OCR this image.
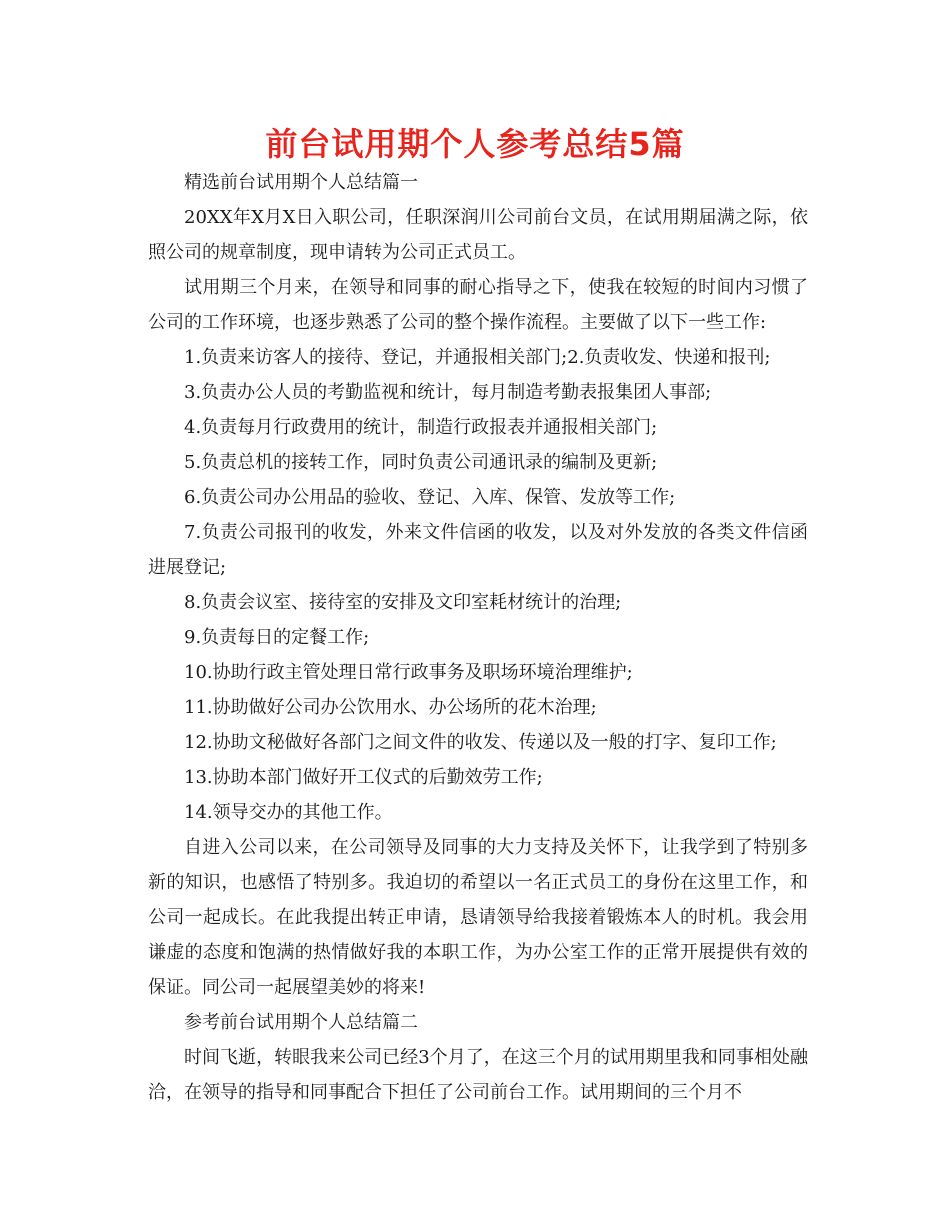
前台试用期个人参考总结5篇

精选前台试用期个人总结篇一

20XX年X月X日入职公司，任职深润川公司前台文员，在试用期届满之际，依照公司的规章制度，现申请转为公司正式员工。

试用期三个月来，在领导和同事的耐心指导之下，使我在较短的时间内习惯了公司的工作环境，也逐步熟悉了公司的整个操作流程。主要做了以下一些工作:

1.负责来访客人的接待、登记，并通报相关部门;2.负责收发、快递和报刊;

3.负责办公人员的考勤监视和统计，每月制造考勤表报集团人事部;

4.负责每月行政费用的统计，制造行政报表并通报相关部门;

5.负责总机的接转工作，同时负责公司通讯录的编制及更新;

6.负责公司办公用品的验收、登记、入库、保管、发放等工作;

7.负责公司报刊的收发，外来文件信函的收发，以及对外发放的各类文件信函进展登记;

8.负责会议室、接待室的安排及文印室耗材统计的治理;

9.负责每日的定餐工作;

10.协助行政主管处理日常行政事务及职场环境治理维护;

11.协助做好公司办公饮用水、办公场所的花木治理;

12.协助文秘做好各部门之间文件的收发、传递以及一般的打字、复印工作;

13.协助本部门做好开工仪式的后勤效劳工作;

14.领导交办的其他工作。

自进入公司以来，在公司领导及同事的大力支持及关怀下，让我学到了特别多新的知识，也感悟了特别多。我迫切的希望以一名正式员工的身份在这里工作，和公司一起成长。在此我提出转正申请，恳请领导给我接着锻炼本人的时机。我会用谦虚的态度和饱满的热情做好我的本职工作，为办公室工作的正常开展提供有效的保证。同公司一起展望美妙的将来!

参考前台试用期个人总结篇二

时间飞逝，转眼我来公司已经3个月了，在这三个月的试用期里我和同事相处融洽，在领导的指导和同事配合下担任了公司前台工作。试用期间的三个月不
